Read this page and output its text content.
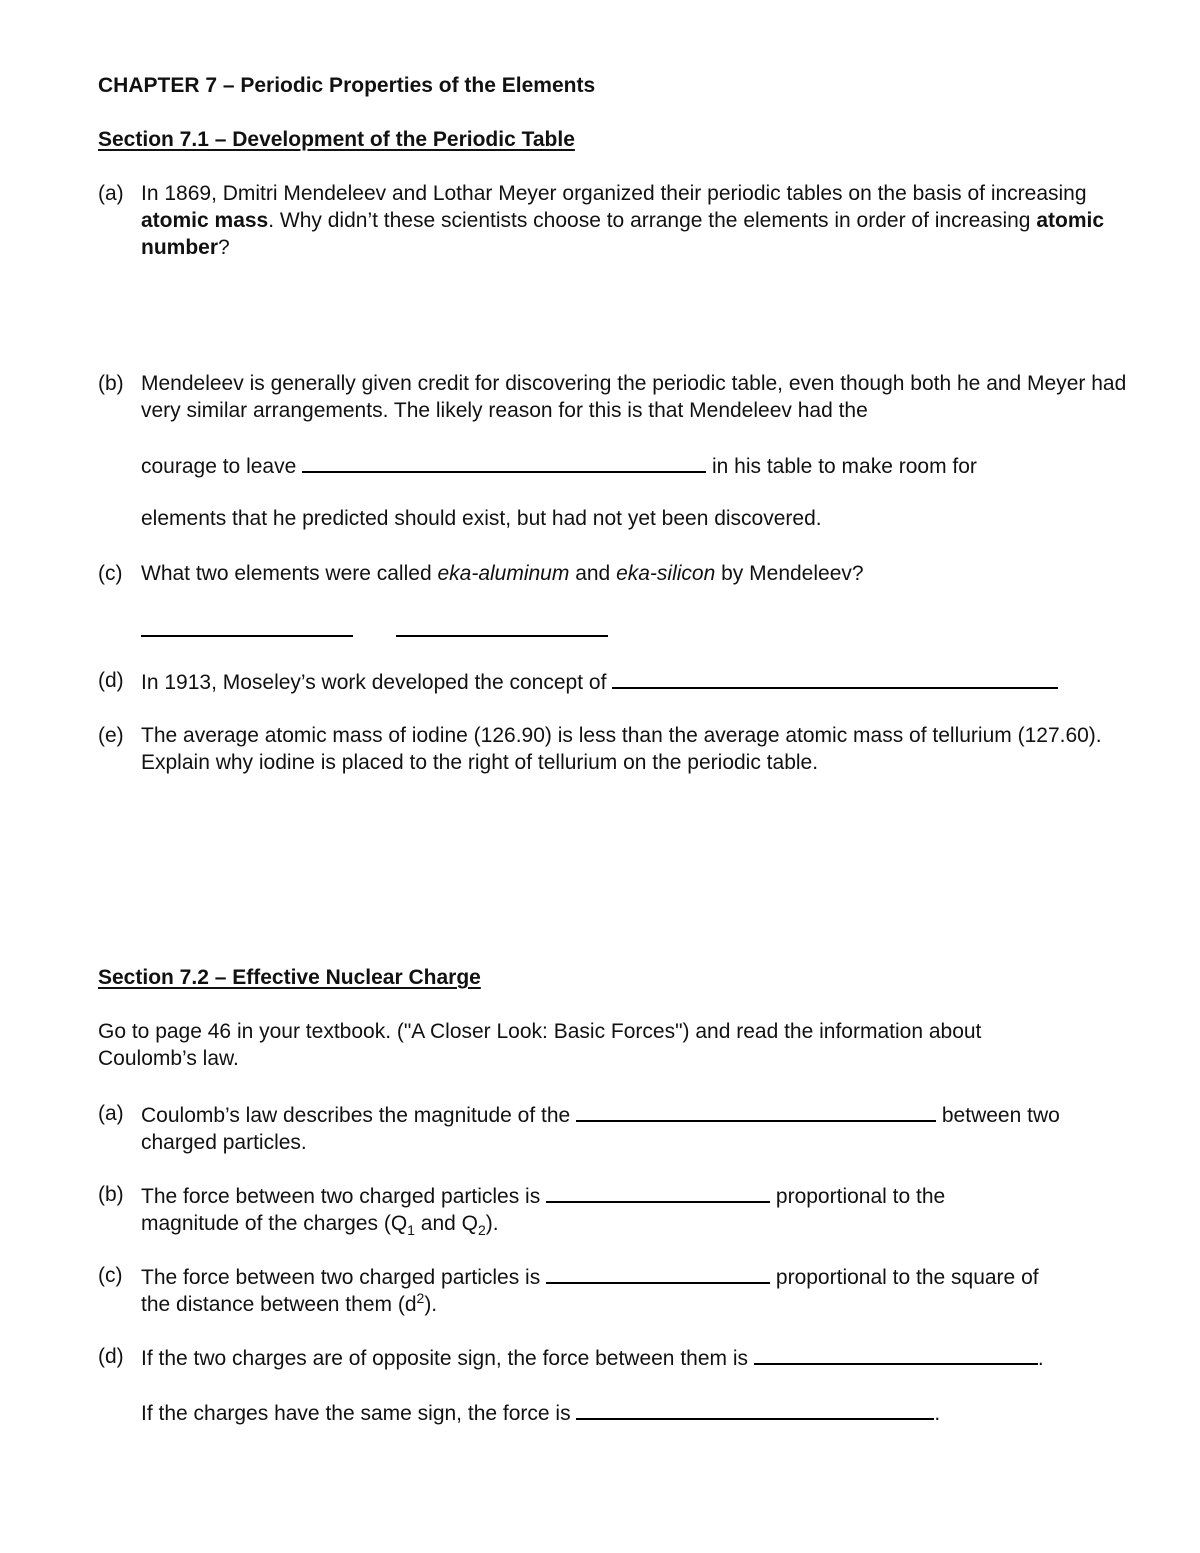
CHAPTER 7 – Periodic Properties of the Elements
Section 7.1 – Development of the Periodic Table
(a) In 1869, Dmitri Mendeleev and Lothar Meyer organized their periodic tables on the basis of increasing atomic mass. Why didn’t these scientists choose to arrange the elements in order of increasing atomic number?
(b) Mendeleev is generally given credit for discovering the periodic table, even though both he and Meyer had very similar arrangements. The likely reason for this is that Mendeleev had the
courage to leave	in his table to make room for
elements that he predicted should exist, but had not yet been discovered.
(c) What two elements were called eka-aluminum and eka-silicon by Mendeleev?
(d) In 1913, Moseley’s work developed the concept of
(e) The average atomic mass of iodine (126.90) is less than the average atomic mass of tellurium (127.60). Explain why iodine is placed to the right of tellurium on the periodic table.
Section 7.2 – Effective Nuclear Charge
Go to page 46 in your textbook. ("A Closer Look: Basic Forces") and read the information about Coulomb’s law.
(a) Coulomb’s law describes the magnitude of the	between two
charged particles.
(b) The force between two charged particles is	proportional to the
magnitude of the charges ($Q_1$ and $Q_2$).
(c) The force between two charged particles is	proportional to the square of
the distance between them $(d^2)$.
(d) If the two charges are of opposite sign, the force between them is	.
If the charges have the same sign, the force is	.
